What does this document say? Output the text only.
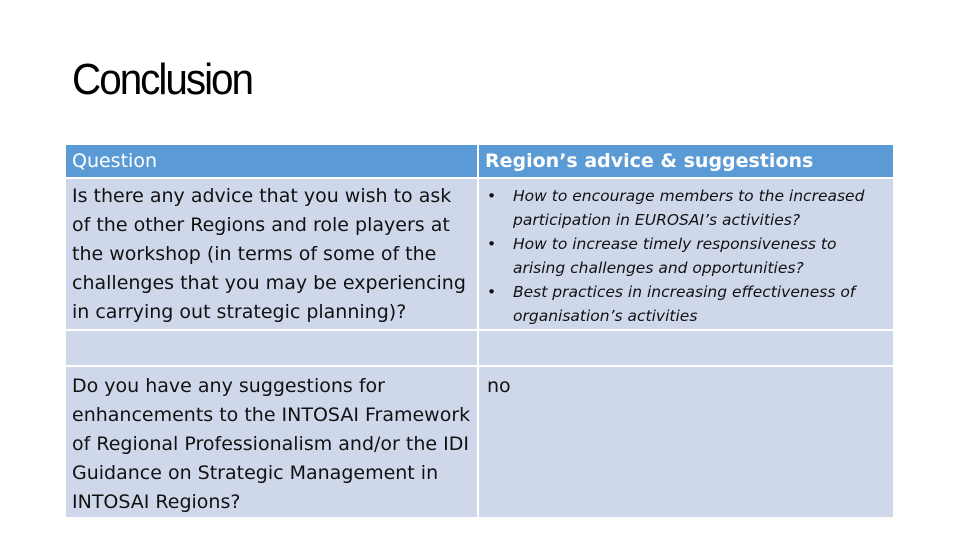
Conclusion
Question	Region’s advice & suggestions
Is there any advice that you wish to ask of the other Regions and role players at the workshop (in terms of some of the challenges that you may be experiencing in carrying out strategic planning)?
• How to encourage members to the increased participation in EUROSAI’s activities?
• How to increase timely responsiveness to arising challenges and opportunities?
• Best practices in increasing effectiveness of organisation’s activities
Do you have any suggestions for enhancements to the INTOSAI Framework of Regional Professionalism and/or the IDI Guidance on Strategic Management in INTOSAI Regions?
no
